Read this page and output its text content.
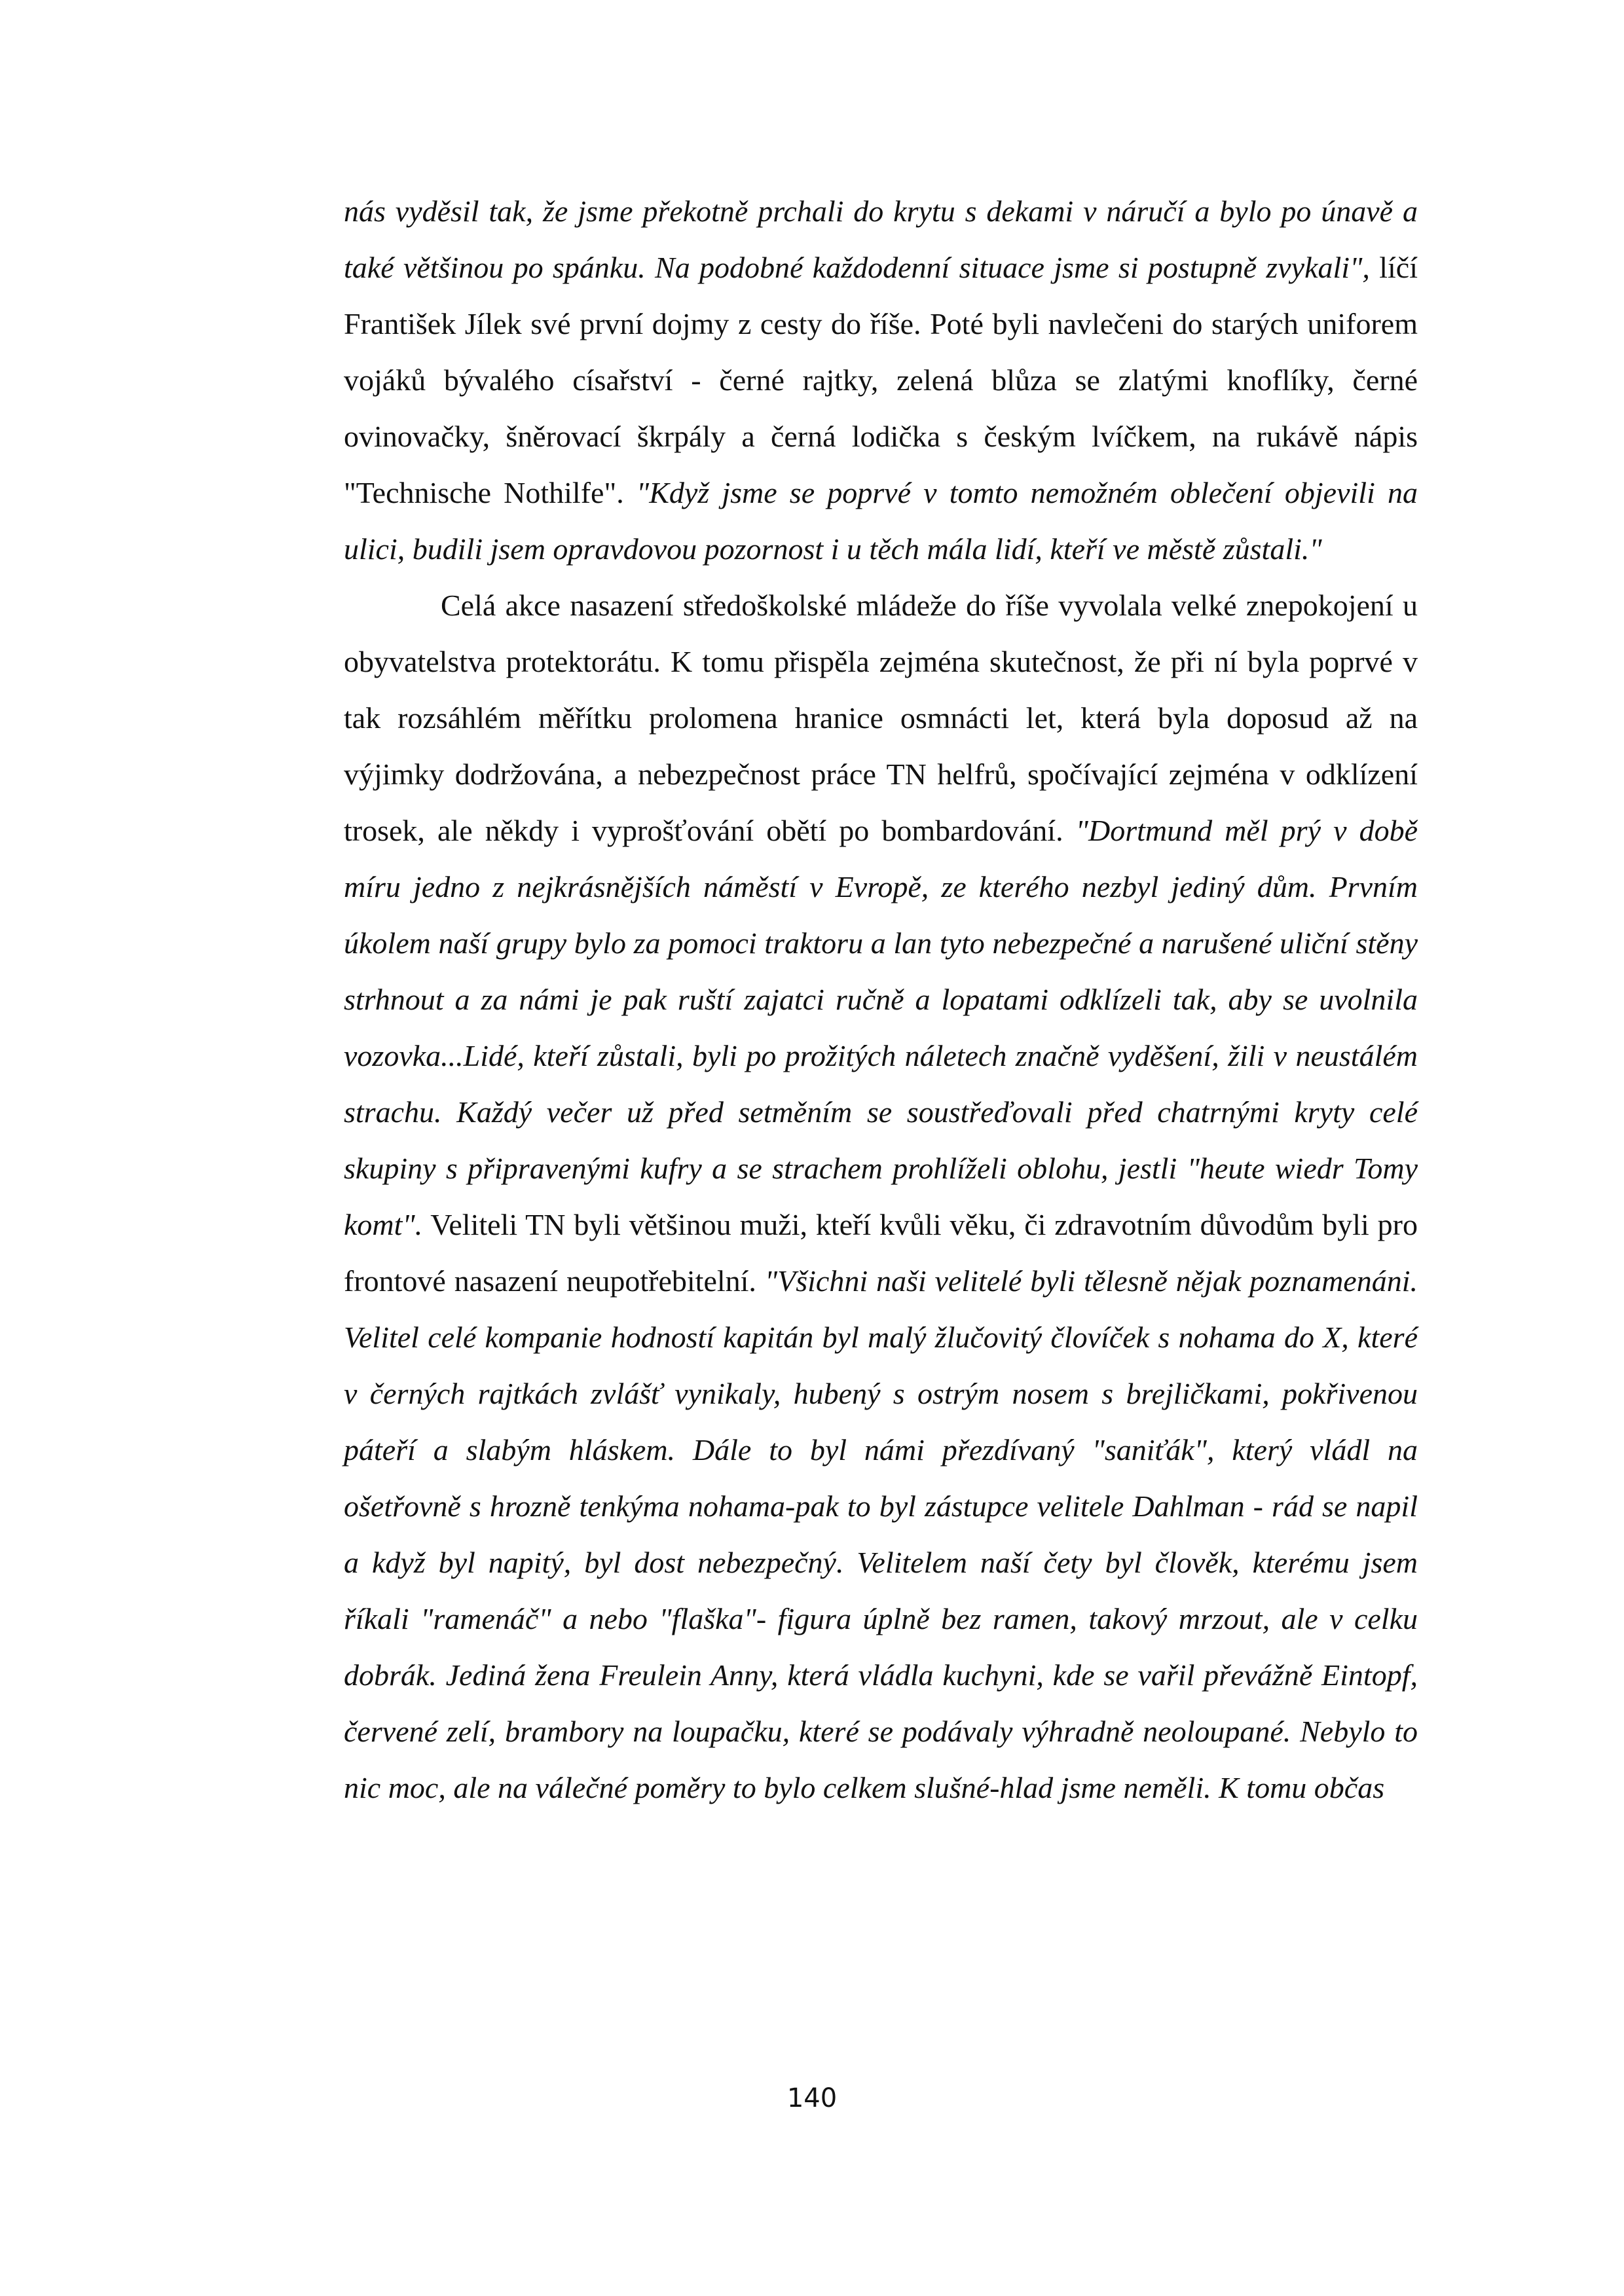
nás vyděsil tak, že jsme překotně prchali do krytu s dekami v náručí a bylo po únavě a také většinou po spánku. Na podobné každodenní situace jsme si postupně zvykali", líčí František Jílek své první dojmy z cesty do říše. Poté byli navlečeni do starých uniforem vojáků bývalého císařství - černé rajtky, zelená blůza se zlatými knoflíky, černé ovinovačky, šněrovací škrpály a černá lodička s českým lvíčkem, na rukávě nápis "Technische Nothilfe". "Když jsme se poprvé v tomto nemožném oblečení objevili na ulici, budili jsem opravdovou pozornost i u těch mála lidí, kteří ve městě zůstali."

Celá akce nasazení středoškolské mládeže do říše vyvolala velké znepokojení u obyvatelstva protektorátu. K tomu přispěla zejména skutečnost, že při ní byla poprvé v tak rozsáhlém měřítku prolomena hranice osmnácti let, která byla doposud až na výjimky dodržována, a nebezpečnost práce TN helfrů, spočívající zejména v odklízení trosek, ale někdy i vyprošťování obětí po bombardování. "Dortmund měl prý v době míru jedno z nejkrásnějších náměstí v Evropě, ze kterého nezbyl jediný dům. Prvním úkolem naší grupy bylo za pomoci traktoru a lan tyto nebezpečné a narušené uliční stěny strhnout a za námi je pak ruští zajatci ručně a lopatami odklízeli tak, aby se uvolnila vozovka...Lidé, kteří zůstali, byli po prožitých náletech značně vyděšení, žili v neustálém strachu. Každý večer už před setměním se soustřeďovali před chatrnými kryty celé skupiny s připravenými kufry a se strachem prohlíželi oblohu, jestli "heute wiedr Tomy komt". Veliteli TN byli většinou muži, kteří kvůli věku, či zdravotním důvodům byli pro frontové nasazení neupotřebitelní. "Všichni naši velitelé byli tělesně nějak poznamenáni. Velitel celé kompanie hodností kapitán byl malý žlučovitý človíček s nohama do X, které v černých rajtkách zvlášť vynikaly, hubený s ostrým nosem s brejličkami, pokřivenou páteří a slabým hláskem. Dále to byl námi přezdívaný "saniťák", který vládl na ošetřovně s hrozně tenkýma nohama-pak to byl zástupce velitele Dahlman - rád se napil a když byl napitý, byl dost nebezpečný. Velitelem naší čety byl člověk, kterému jsem říkali "ramenáč" a nebo "flaška"- figura úplně bez ramen, takový mrzout, ale v celku dobrák. Jediná žena Freulein Anny, která vládla kuchyni, kde se vařil převážně Eintopf, červené zelí, brambory na loupačku, které se podávaly výhradně neoloupané. Nebylo to nic moc, ale na válečné poměry to bylo celkem slušné-hlad jsme neměli. K tomu občas

140
